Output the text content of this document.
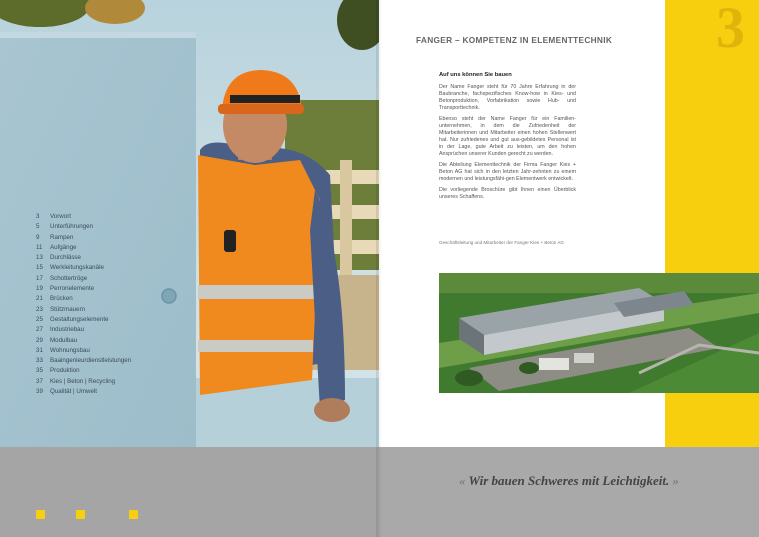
3	Vorwort
5	Unterführungen
9	Rampen
11	Aufgänge
13	Durchlässe
15	Werkleitungskanäle
17	Schottertröge
19	Perronelemente
21	Brücken
23	Stützmauern
25	Gestaltungselemente
27	Industriebau
29	Modulbau
31	Wohnungsbau
33	Baaingenieurdienstleistungen
35	Produktion
37	Kies | Beton | Recycling
39	Qualität | Umwelt
3
FANGER – KOMPETENZ IN ELEMENTTECHNIK
Auf uns können Sie bauen

Der Name Fanger steht für 70 Jahre Erfahrung in der Baubranche, fachspezifisches Know-how in Kies- und Betonproduktion, Vorfabrikation sowie Hub- und Transporttechnik.

Ebenso steht der Name Fanger für ein Familien-unternehmen, in dem die Zufriedenheit der Mitarbeiterinnen und Mitarbeiter einen hohen Stellenwert hat. Nur zufriedenes und gut aus-gebildetes Personal ist in der Lage, gute Arbeit zu leisten, um den hohen Ansprüchen unserer Kunden gerecht zu werden.

Die Abteilung Elementtechnik der Firma Fanger Kies + Beton AG hat sich in den letzten Jahr-zehnten zu einem modernen und leistungsfähi-gen Elementwerk entwickelt.

Die vorliegende Broschüre gibt Ihnen einen Überblick unseres Schaffens.

Geschäftsleitung und Mitarbeiter der Fanger Kies + Beton AG
« Wir bauen Schweres mit Leichtigkeit. »
